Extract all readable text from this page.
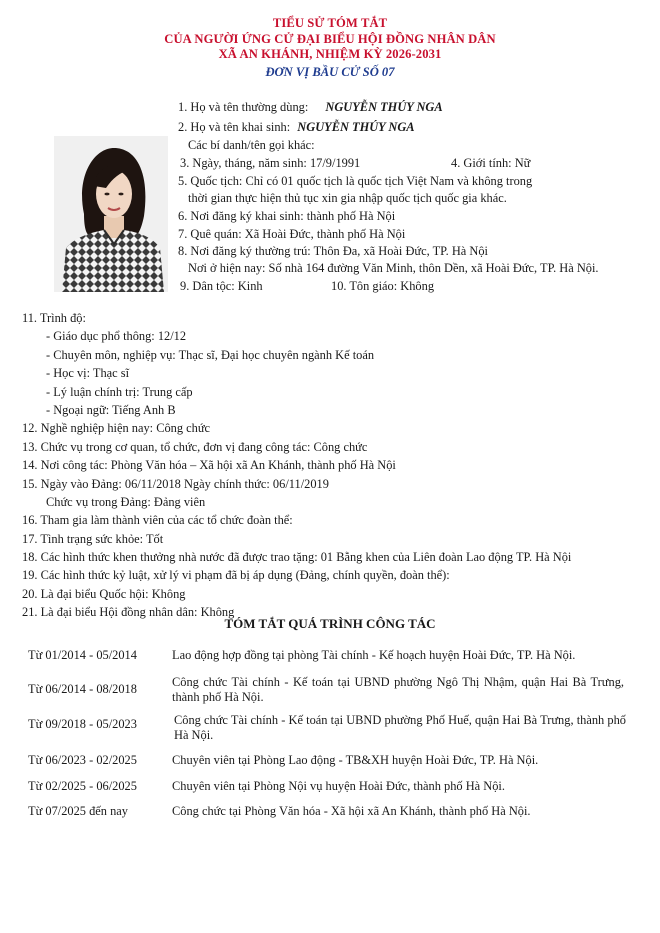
TIỂU SỬ TÓM TẮT
CỦA NGƯỜI ỨNG CỬ ĐẠI BIỂU HỘI ĐỒNG NHÂN DÂN
XÃ AN KHÁNH, NHIỆM KỲ 2026-2031
ĐƠN VỊ BẦU CỬ SỐ 07
1. Họ và tên thường dùng: NGUYỄN THÚY NGA
2. Họ và tên khai sinh: NGUYỄN THÚY NGA
Các bí danh/tên gọi khác:
3. Ngày, tháng, năm sinh: 17/9/1991	4. Giới tính: Nữ
5. Quốc tịch: Chỉ có 01 quốc tịch là quốc tịch Việt Nam và không trong
thời gian thực hiện thủ tục xin gia nhập quốc tịch quốc gia khác.
6. Nơi đăng ký khai sinh: thành phố Hà Nội
7. Quê quán: Xã Hoài Đức, thành phố Hà Nội
8. Nơi đăng ký thường trú: Thôn Đa, xã Hoài Đức, TP. Hà Nội
Nơi ở hiện nay: Số nhà 164 đường Văn Minh, thôn Dền, xã Hoài Đức, TP. Hà Nội.
9. Dân tộc: Kinh	10. Tôn giáo: Không
11. Trình độ:
- Giáo dục phổ thông: 12/12
- Chuyên môn, nghiệp vụ: Thạc sĩ, Đại học chuyên ngành Kế toán
- Học vị: Thạc sĩ
- Lý luận chính trị: Trung cấp
- Ngoại ngữ: Tiếng Anh B
12. Nghề nghiệp hiện nay: Công chức
13. Chức vụ trong cơ quan, tổ chức, đơn vị đang công tác: Công chức
14. Nơi công tác: Phòng Văn hóa – Xã hội xã An Khánh, thành phố Hà Nội
15. Ngày vào Đảng: 06/11/2018 Ngày chính thức: 06/11/2019
Chức vụ trong Đảng: Đảng viên
16. Tham gia làm thành viên của các tổ chức đoàn thể:
17. Tình trạng sức khỏe: Tốt
18. Các hình thức khen thưởng nhà nước đã được trao tặng: 01 Bằng khen của Liên đoàn Lao động TP. Hà Nội
19. Các hình thức kỷ luật, xử lý vi phạm đã bị áp dụng (Đảng, chính quyền, đoàn thể):
20. Là đại biểu Quốc hội: Không
21. Là đại biểu Hội đồng nhân dân: Không
TÓM TẮT QUÁ TRÌNH CÔNG TÁC
Từ 01/2014 - 05/2014	Lao động hợp đồng tại phòng Tài chính - Kế hoạch huyện Hoài Đức, TP. Hà Nội.
Từ 06/2014 - 08/2018	Công chức Tài chính - Kế toán tại UBND phường Ngô Thị Nhậm, quận Hai Bà Trưng, thành phố Hà Nội.
Từ 09/2018 - 05/2023	Công chức Tài chính - Kế toán tại UBND phường Phố Huế, quận Hai Bà Trưng, thành phố Hà Nội.
Từ 06/2023 - 02/2025	Chuyên viên tại Phòng Lao động - TB&XH huyện Hoài Đức, TP. Hà Nội.
Từ 02/2025 - 06/2025	Chuyên viên tại Phòng Nội vụ huyện Hoài Đức, thành phố Hà Nội.
Từ 07/2025 đến nay	Công chức tại Phòng Văn hóa - Xã hội xã An Khánh, thành phố Hà Nội.
